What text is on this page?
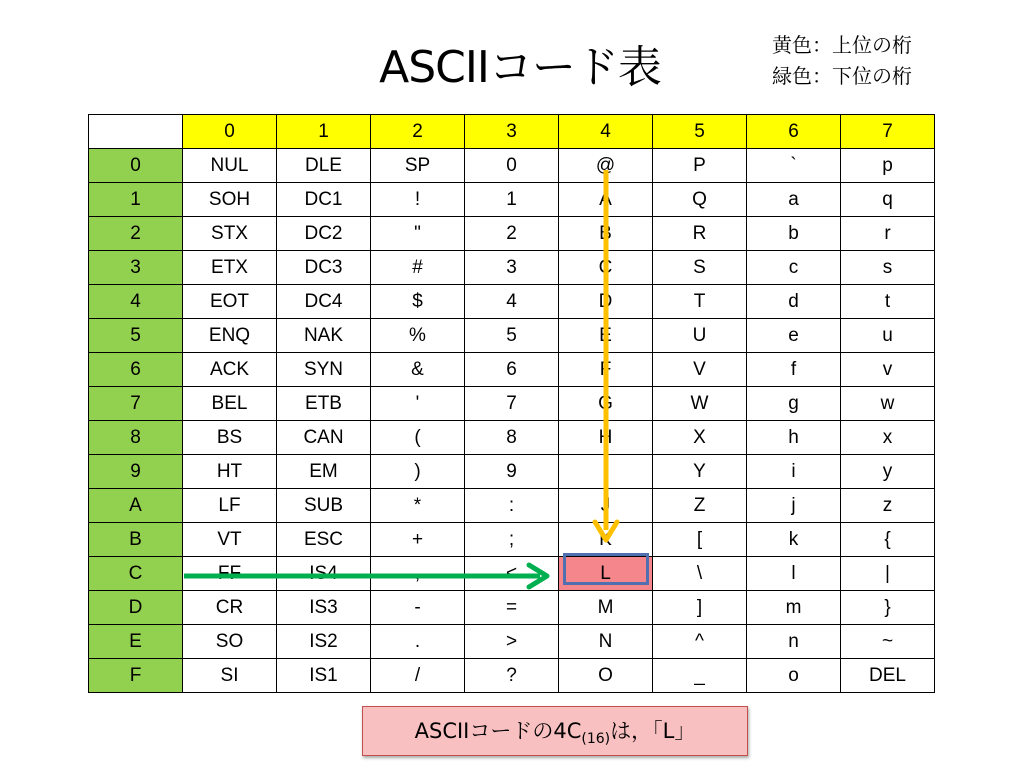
ASCIIコード表	黄色：上位の桁
緑色：下位の桁
	0	1	2	3	4	5	6	7
0	NUL	DLE	SP	0	@	P	`	p
1	SOH	DC1	!	1	A	Q	a	q
2	STX	DC2	"	2	B	R	b	r
3	ETX	DC3	#	3	C	S	c	s
4	EOT	DC4	$	4	D	T	d	t
5	ENQ	NAK	%	5	E	U	e	u
6	ACK	SYN	&	6	F	V	f	v
7	BEL	ETB	'	7	G	W	g	w
8	BS	CAN	(	8	H	X	h	x
9	HT	EM	)	9	I	Y	i	y
A	LF	SUB	*	:	J	Z	j	z
B	VT	ESC	+	;	K	[	k	{
C	FF	IS4	,	<	L	\	l	|
D	CR	IS3	-	=	M	]	m	}
E	SO	IS2	.	>	N	^	n	~
F	SI	IS1	/	?	O	_	o	DEL
ASCIIコードの$4C_{(16)}$は，「L」
